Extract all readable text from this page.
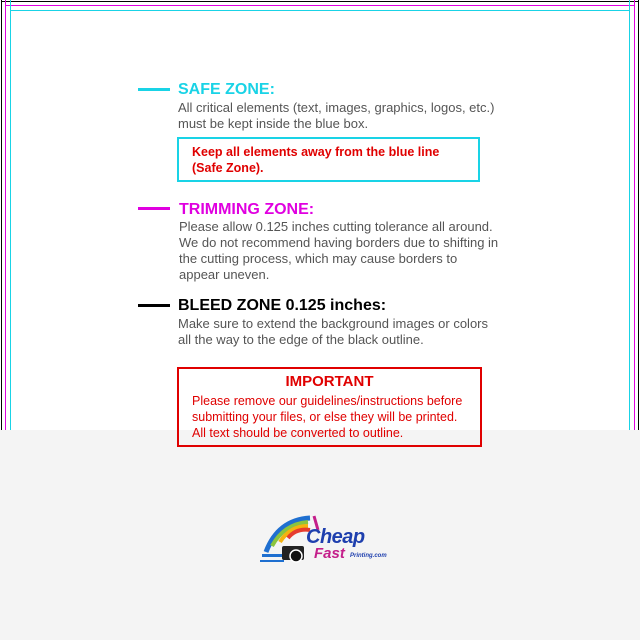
SAFE ZONE:
All critical elements (text, images, graphics, logos, etc.)
must be kept inside the blue box.
Keep all elements away from the blue line
(Safe Zone).
TRIMMING ZONE:
Please allow 0.125 inches cutting tolerance all around.
We do not recommend having borders due to shifting in
the cutting process, which may cause borders to
appear uneven.
BLEED ZONE 0.125 inches:
Make sure to extend the background images or colors
all the way to the edge of the black outline.
IMPORTANT
Please remove our guidelines/instructions before
submitting your files, or else they will be printed.
All text should be converted to outline.
Cheap
Fast Printing.com
